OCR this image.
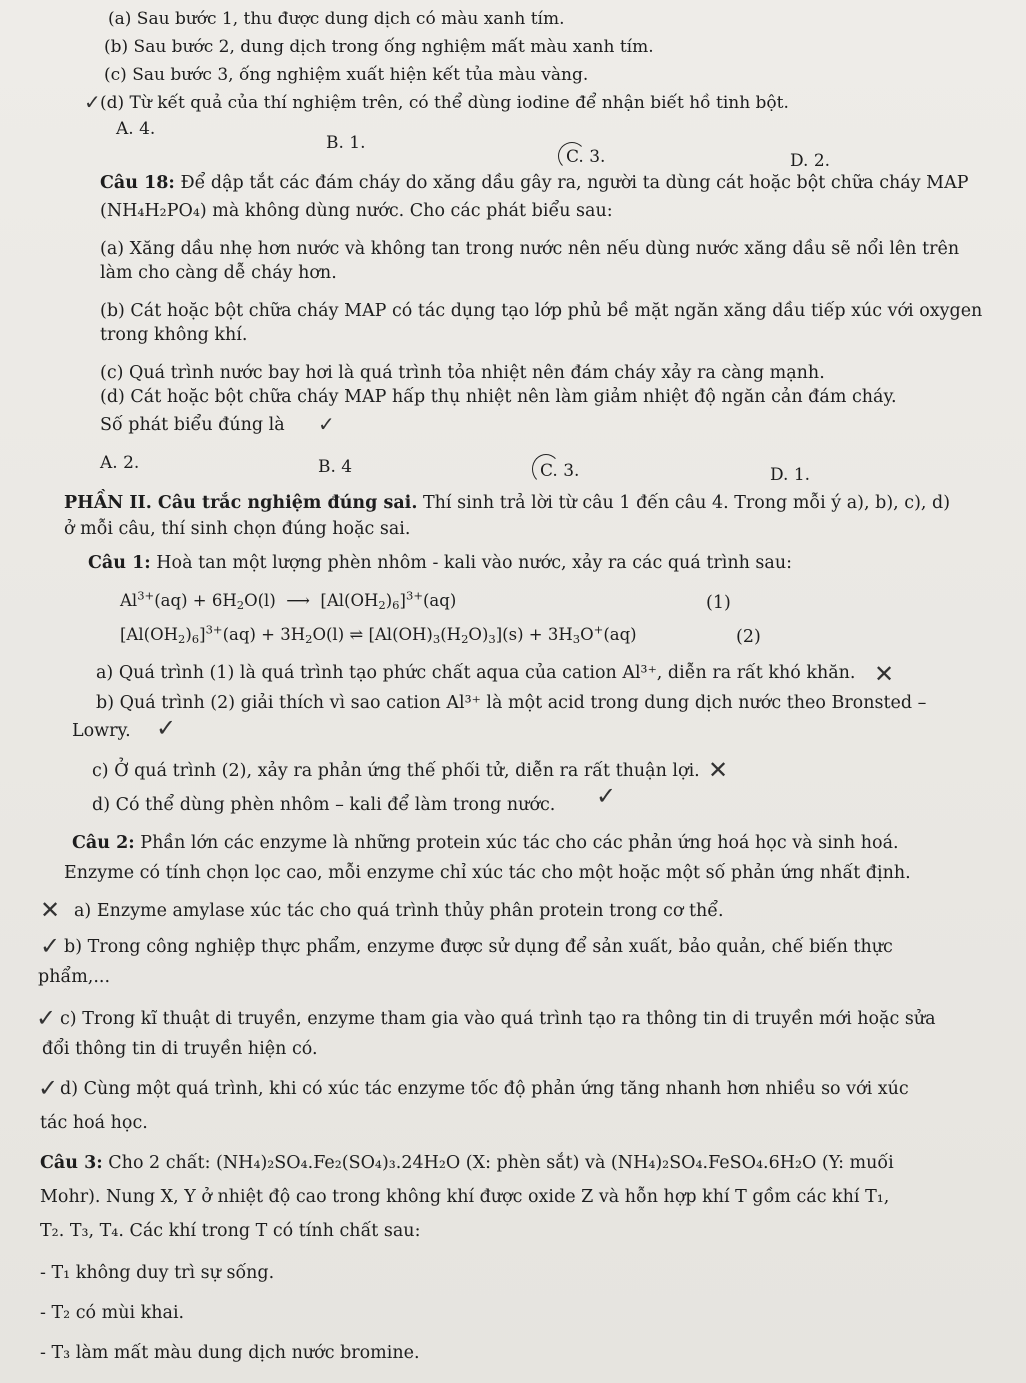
(a) Sau bước 1, thu được dung dịch có màu xanh tím.
(b) Sau bước 2, dung dịch trong ống nghiệm mất màu xanh tím.
(c) Sau bước 3, ống nghiệm xuất hiện kết tủa màu vàng.
✓ (d) Từ kết quả của thí nghiệm trên, có thể dùng iodine để nhận biết hồ tinh bột.
A. 4.
B. 1.
C. 3.	D. 2.
Câu 18: Để dập tắt các đám cháy do xăng dầu gây ra, người ta dùng cát hoặc bột chữa cháy MAP
(NH₄H₂PO₄) mà không dùng nước. Cho các phát biểu sau:
(a) Xăng dầu nhẹ hơn nước và không tan trong nước nên nếu dùng nước xăng dầu sẽ nổi lên trên
làm cho càng dễ cháy hơn.
(b) Cát hoặc bột chữa cháy MAP có tác dụng tạo lớp phủ bề mặt ngăn xăng dầu tiếp xúc với oxygen
trong không khí.
(c) Quá trình nước bay hơi là quá trình tỏa nhiệt nên đám cháy xảy ra càng mạnh.
(d) Cát hoặc bột chữa cháy MAP hấp thụ nhiệt nên làm giảm nhiệt độ ngăn cản đám cháy.
Số phát biểu đúng là ✓
A. 2.	B. 4	C. 3.	D. 1.
PHẦN II. Câu trắc nghiệm đúng sai. Thí sinh trả lời từ câu 1 đến câu 4. Trong mỗi ý a), b), c), d)
ở mỗi câu, thí sinh chọn đúng hoặc sai.
Câu 1: Hoà tan một lượng phèn nhôm - kali vào nước, xảy ra các quá trình sau:
$Al^{3+}(aq) + 6H_2O(l)$  ⟶  $[Al(OH_2)_6]^{3+}(aq)$	(1)
$[Al(OH_2)_6]^{3+}(aq) + 3H_2O(l)$ ⇌ $[Al(OH)_3(H_2O)_3](s) + 3H_3O^+(aq)$	(2)
a) Quá trình (1) là quá trình tạo phức chất aqua của cation Al³⁺, diễn ra rất khó khăn. ✕
b) Quá trình (2) giải thích vì sao cation Al³⁺ là một acid trong dung dịch nước theo Bronsted –
Lowry. ✓
c) Ở quá trình (2), xảy ra phản ứng thế phối tử, diễn ra rất thuận lợi. ✕
d) Có thể dùng phèn nhôm – kali để làm trong nước. ✓
Câu 2: Phần lớn các enzyme là những protein xúc tác cho các phản ứng hoá học và sinh hoá.
Enzyme có tính chọn lọc cao, mỗi enzyme chỉ xúc tác cho một hoặc một số phản ứng nhất định.
✕ a) Enzyme amylase xúc tác cho quá trình thủy phân protein trong cơ thể.
✓ b) Trong công nghiệp thực phẩm, enzyme được sử dụng để sản xuất, bảo quản, chế biến thực
phẩm,...
✓ c) Trong kĩ thuật di truyền, enzyme tham gia vào quá trình tạo ra thông tin di truyền mới hoặc sửa
đổi thông tin di truyền hiện có.
✓ d) Cùng một quá trình, khi có xúc tác enzyme tốc độ phản ứng tăng nhanh hơn nhiều so với xúc
tác hoá học.
Câu 3: Cho 2 chất: (NH₄)₂SO₄.Fe₂(SO₄)₃.24H₂O (X: phèn sắt) và (NH₄)₂SO₄.FeSO₄.6H₂O (Y: muối
Mohr). Nung X, Y ở nhiệt độ cao trong không khí được oxide Z và hỗn hợp khí T gồm các khí T₁,
T₂. T₃, T₄. Các khí trong T có tính chất sau:
- T₁ không duy trì sự sống.
- T₂ có mùi khai.
- T₃ làm mất màu dung dịch nước bromine.
